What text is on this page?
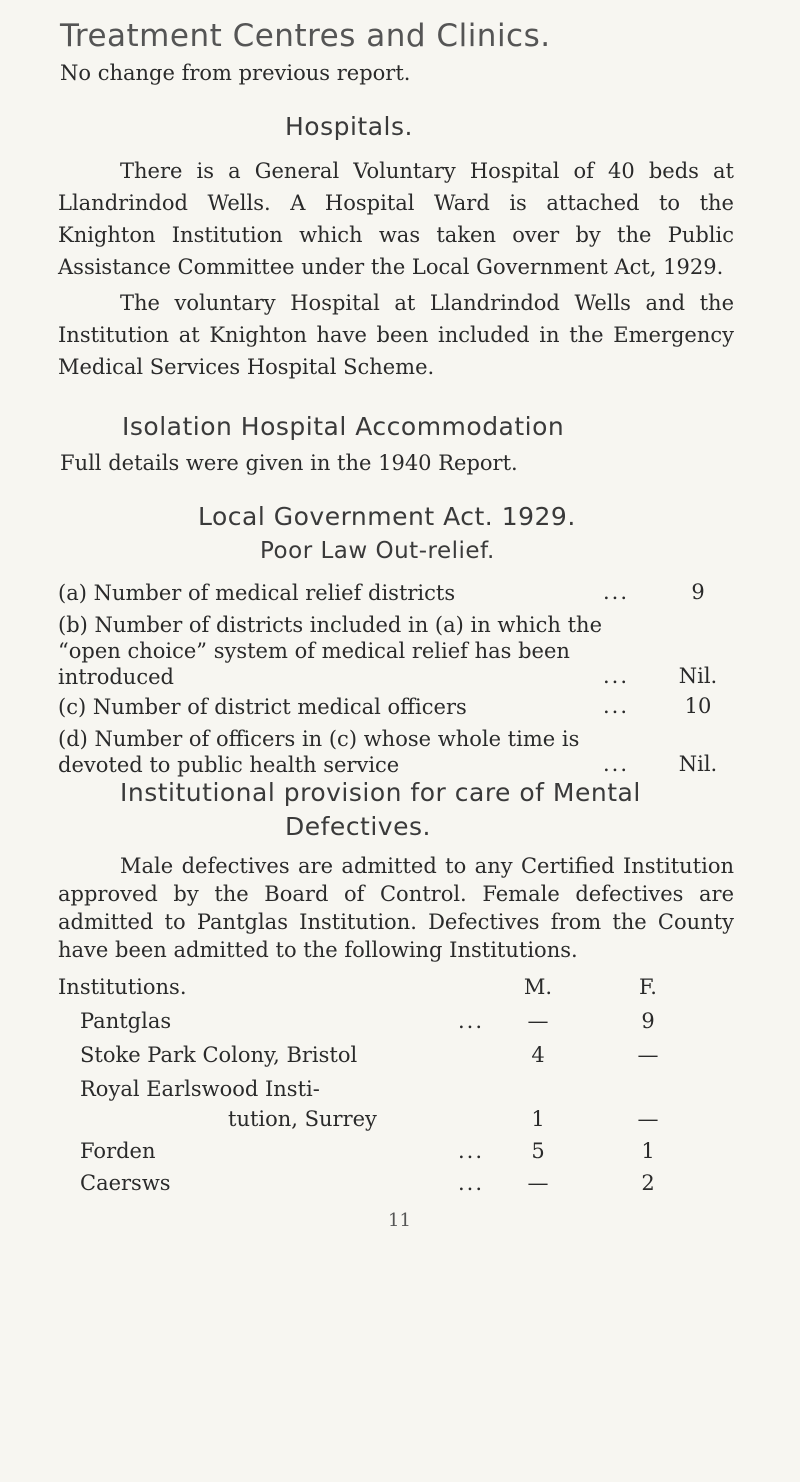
Treatment Centres and Clinics.
No change from previous report.
Hospitals.

There is a General Voluntary Hospital of 40 beds at Llandrindod Wells. A Hospital Ward is attached to the Knighton Institution which was taken over by the Public Assistance Committee under the Local Government Act, 1929.

The voluntary Hospital at Llandrindod Wells and the Institution at Knighton have been included in the Emergency Medical Services Hospital Scheme.

Isolation Hospital Accommodation
Full details were given in the 1940 Report.
Local Government Act. 1929.
Poor Law Out-relief.
(a) Number of medical relief districts	...	9
(b) Number of districts included in (a) in which the “open choice” system of medical relief has been introduced	...	Nil.
(c) Number of district medical officers	...	10
(d) Number of officers in (c) whose whole time is devoted to public health service	...	Nil.
Institutional provision for care of Mental
Defectives.

Male defectives are admitted to any Certified Institution approved by the Board of Control. Female defectives are admitted to Pantglas Institution. Defectives from the County have been admitted to the following Institutions.

Institutions.	M.	F.
Pantglas	...	—	9
Stoke Park Colony, Bristol	4	—
Royal Earlswood Insti-
tution, Surrey	1	—
Forden	...	5	1
Caersws	...	—	2
11
